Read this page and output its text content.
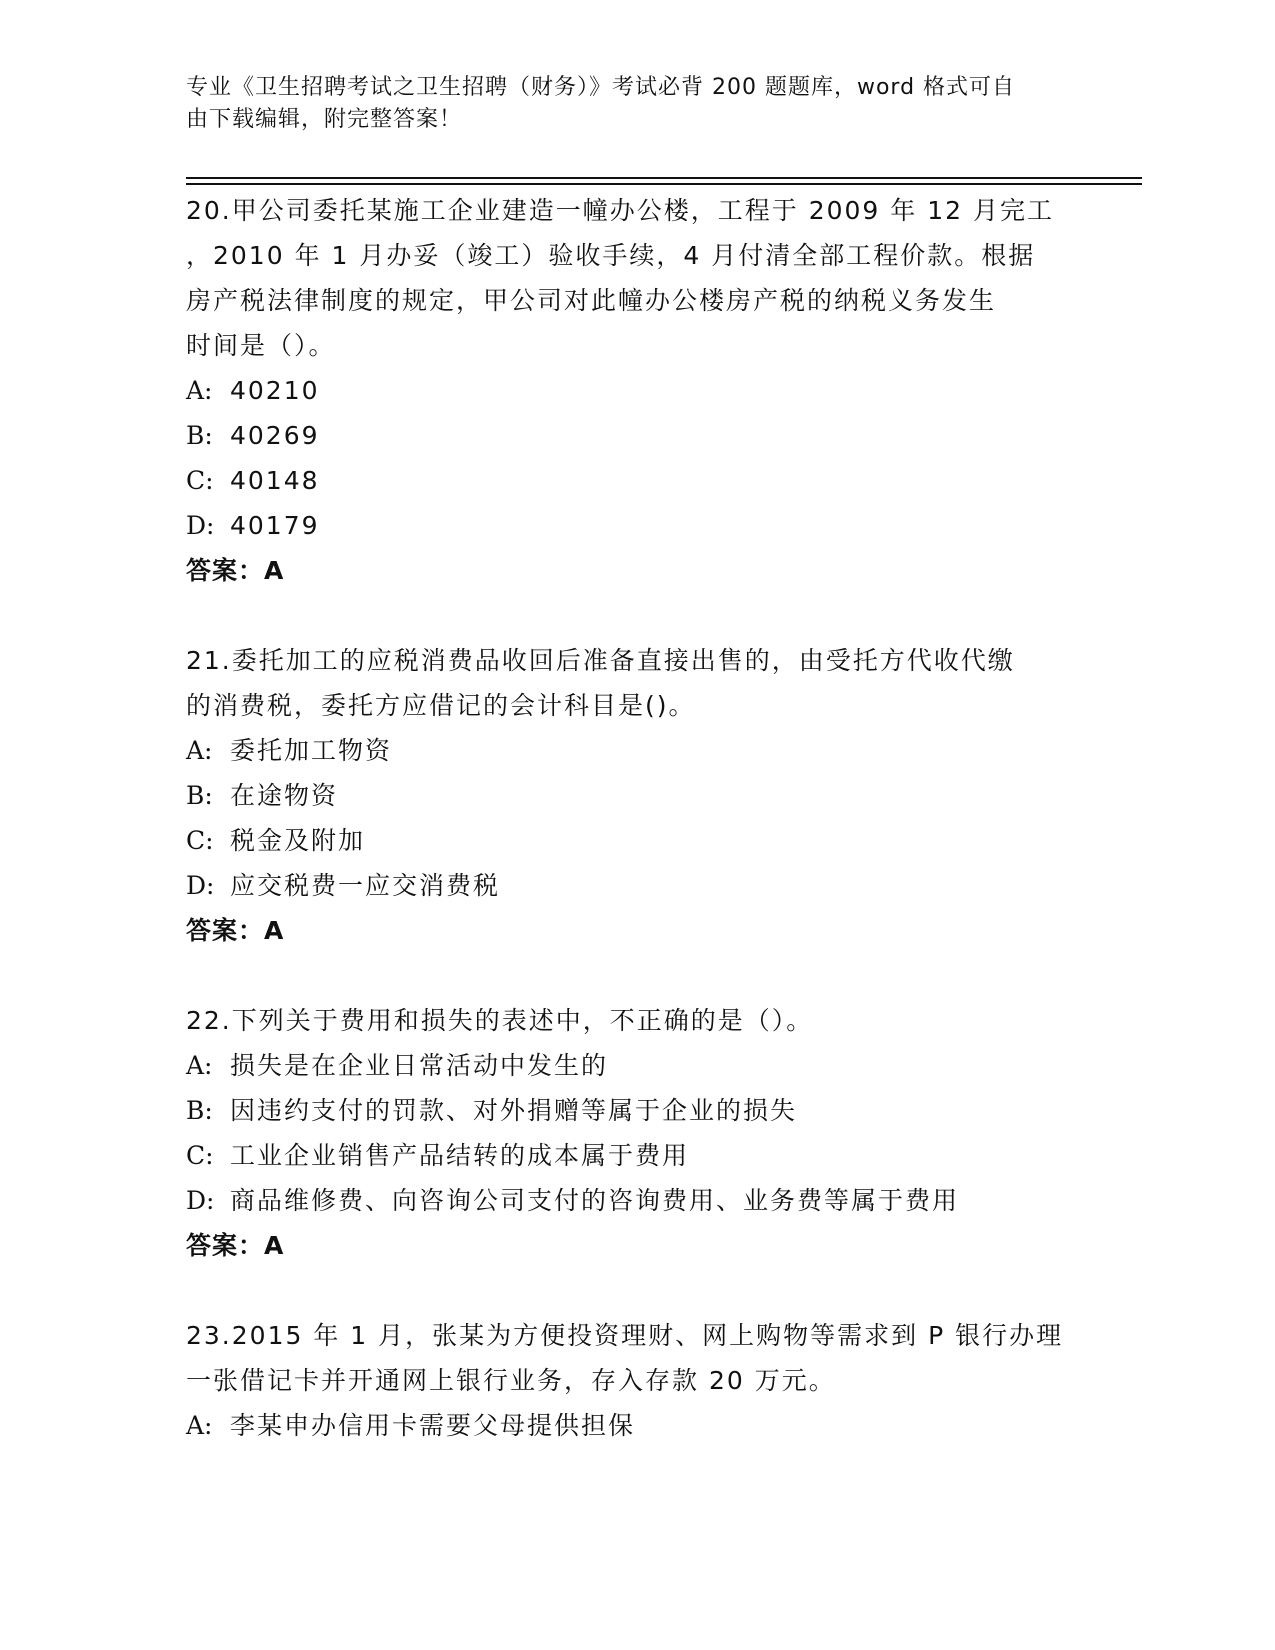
专业《卫生招聘考试之卫生招聘（财务）》考试必背 200 题题库，word 格式可自
由下载编辑，附完整答案！

20.甲公司委托某施工企业建造一幢办公楼，工程于 2009 年 12 月完工

，2010 年 1 月办妥（竣工）验收手续，4 月付清全部工程价款。根据

房产税法律制度的规定，甲公司对此幢办公楼房产税的纳税义务发生

时间是（）。

A: 40210

B: 40269

C: 40148

D: 40179

答案：A

21.委托加工的应税消费品收回后准备直接出售的，由受托方代收代缴

的消费税，委托方应借记的会计科目是()。

A: 委托加工物资

B: 在途物资

C: 税金及附加

D: 应交税费一应交消费税

答案：A

22.下列关于费用和损失的表述中，不正确的是（）。

A: 损失是在企业日常活动中发生的

B: 因违约支付的罚款、对外捐赠等属于企业的损失

C: 工业企业销售产品结转的成本属于费用

D: 商品维修费、向咨询公司支付的咨询费用、业务费等属于费用

答案：A

23.2015 年 1 月，张某为方便投资理财、网上购物等需求到 P 银行办理

一张借记卡并开通网上银行业务，存入存款 20 万元。

A: 李某申办信用卡需要父母提供担保
